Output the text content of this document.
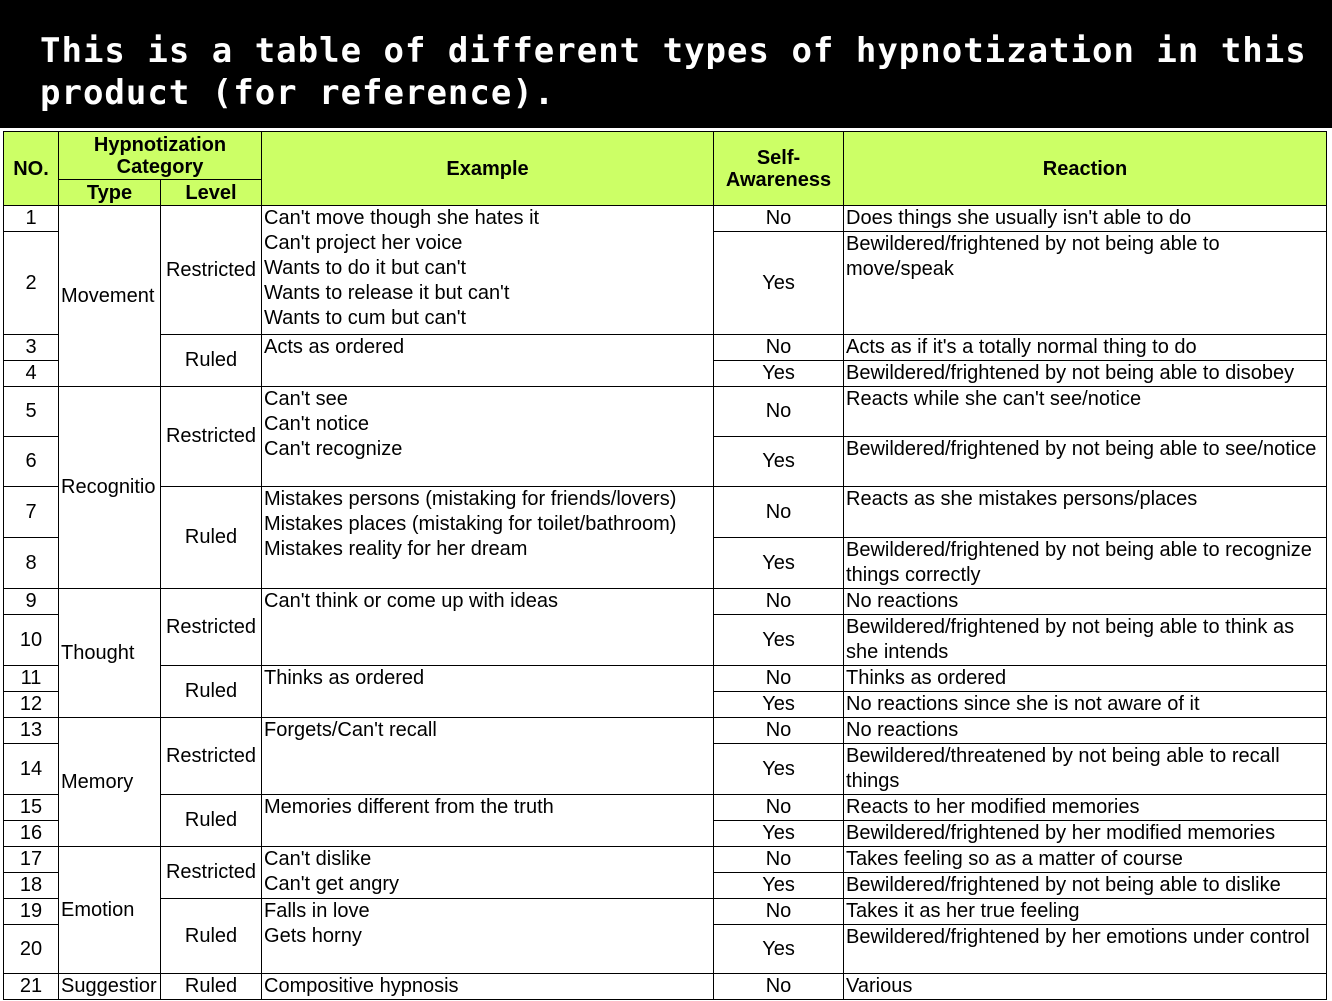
This is a table of different types of hypnotization in this product (for reference).
NO.	Hypnotization Category		Example	Self-Awareness	Reaction
	Type	Level			
1	Movement	Restricted	Can't move though she hates it
Can't project her voice
Wants to do it but can't
Wants to release it but can't
Wants to cum but can't	No	Does things she usually isn't able to do
2				Yes	Bewildered/frightened by not being able to move/speak
3		Ruled	Acts as ordered	No	Acts as if it's a totally normal thing to do
4				Yes	Bewildered/frightened by not being able to disobey
5	Recognitio	Restricted	Can't see
Can't notice
Can't recognize	No	Reacts while she can't see/notice
6				Yes	Bewildered/frightened by not being able to see/notice
7		Ruled	Mistakes persons (mistaking for friends/lovers)
Mistakes places (mistaking for toilet/bathroom)
Mistakes reality for her dream	No	Reacts as she mistakes persons/places
8				Yes	Bewildered/frightened by not being able to recognize things correctly
9	Thought	Restricted	Can't think or come up with ideas	No	No reactions
10				Yes	Bewildered/frightened by not being able to think as she intends
11		Ruled	Thinks as ordered	No	Thinks as ordered
12				Yes	No reactions since she is not aware of it
13	Memory	Restricted	Forgets/Can't recall	No	No reactions
14				Yes	Bewildered/threatened by not being able to recall things
15		Ruled	Memories different from the truth	No	Reacts to her modified memories
16				Yes	Bewildered/frightened by her modified memories
17	Emotion	Restricted	Can't dislike
Can't get angry	No	Takes feeling so as a matter of course
18				Yes	Bewildered/frightened by not being able to dislike
19		Ruled	Falls in love
Gets horny	No	Takes it as her true feeling
20				Yes	Bewildered/frightened by her emotions under control
21	Suggestior	Ruled	Compositive hypnosis	No	Various
